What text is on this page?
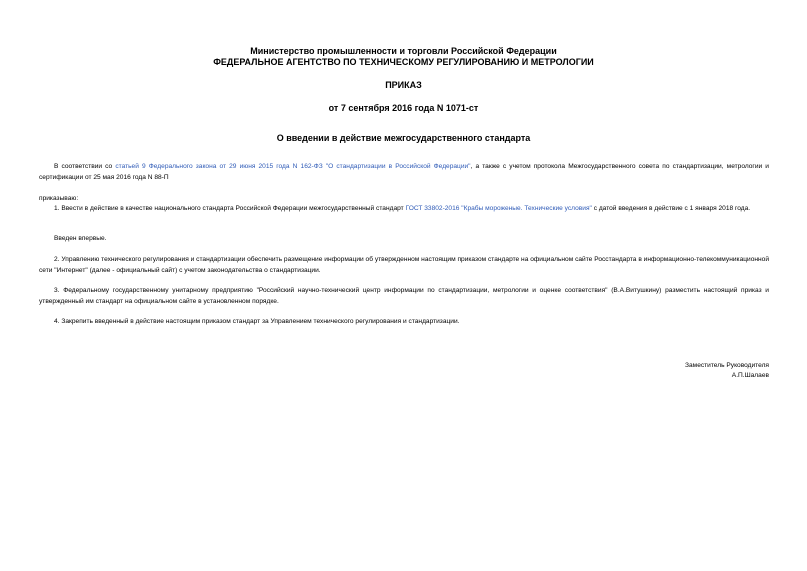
Министерство промышленности и торговли Российской Федерации
ФЕДЕРАЛЬНОЕ АГЕНТСТВО ПО ТЕХНИЧЕСКОМУ РЕГУЛИРОВАНИЮ И МЕТРОЛОГИИ
ПРИКАЗ
от 7 сентября 2016 года N 1071-ст
О введении в действие межгосударственного стандарта
В соответствии со статьей 9 Федерального закона от 29 июня 2015 года N 162-ФЗ "О стандартизации в Российской Федерации", а также с учетом протокола Межгосударственного совета по стандартизации, метрологии и сертификации от 25 мая 2016 года N 88-П
приказываю:
1. Ввести в действие в качестве национального стандарта Российской Федерации межгосударственный стандарт ГОСТ 33802-2016 "Крабы мороженые. Технические условия" с датой введения в действие с 1 января 2018 года.
Введен впервые.
2. Управлению технического регулирования и стандартизации обеспечить размещение информации об утвержденном настоящим приказом стандарте на официальном сайте Росстандарта в информационно-телекоммуникационной сети "Интернет" (далее - официальный сайт) с учетом законодательства о стандартизации.
3. Федеральному государственному унитарному предприятию "Российский научно-технический центр информации по стандартизации, метрологии и оценке соответствия" (В.А.Витушкину) разместить настоящий приказ и утвержденный им стандарт на официальном сайте в установленном порядке.
4. Закрепить введенный в действие настоящим приказом стандарт за Управлением технического регулирования и стандартизации.
Заместитель Руководителя
А.П.Шалаев
